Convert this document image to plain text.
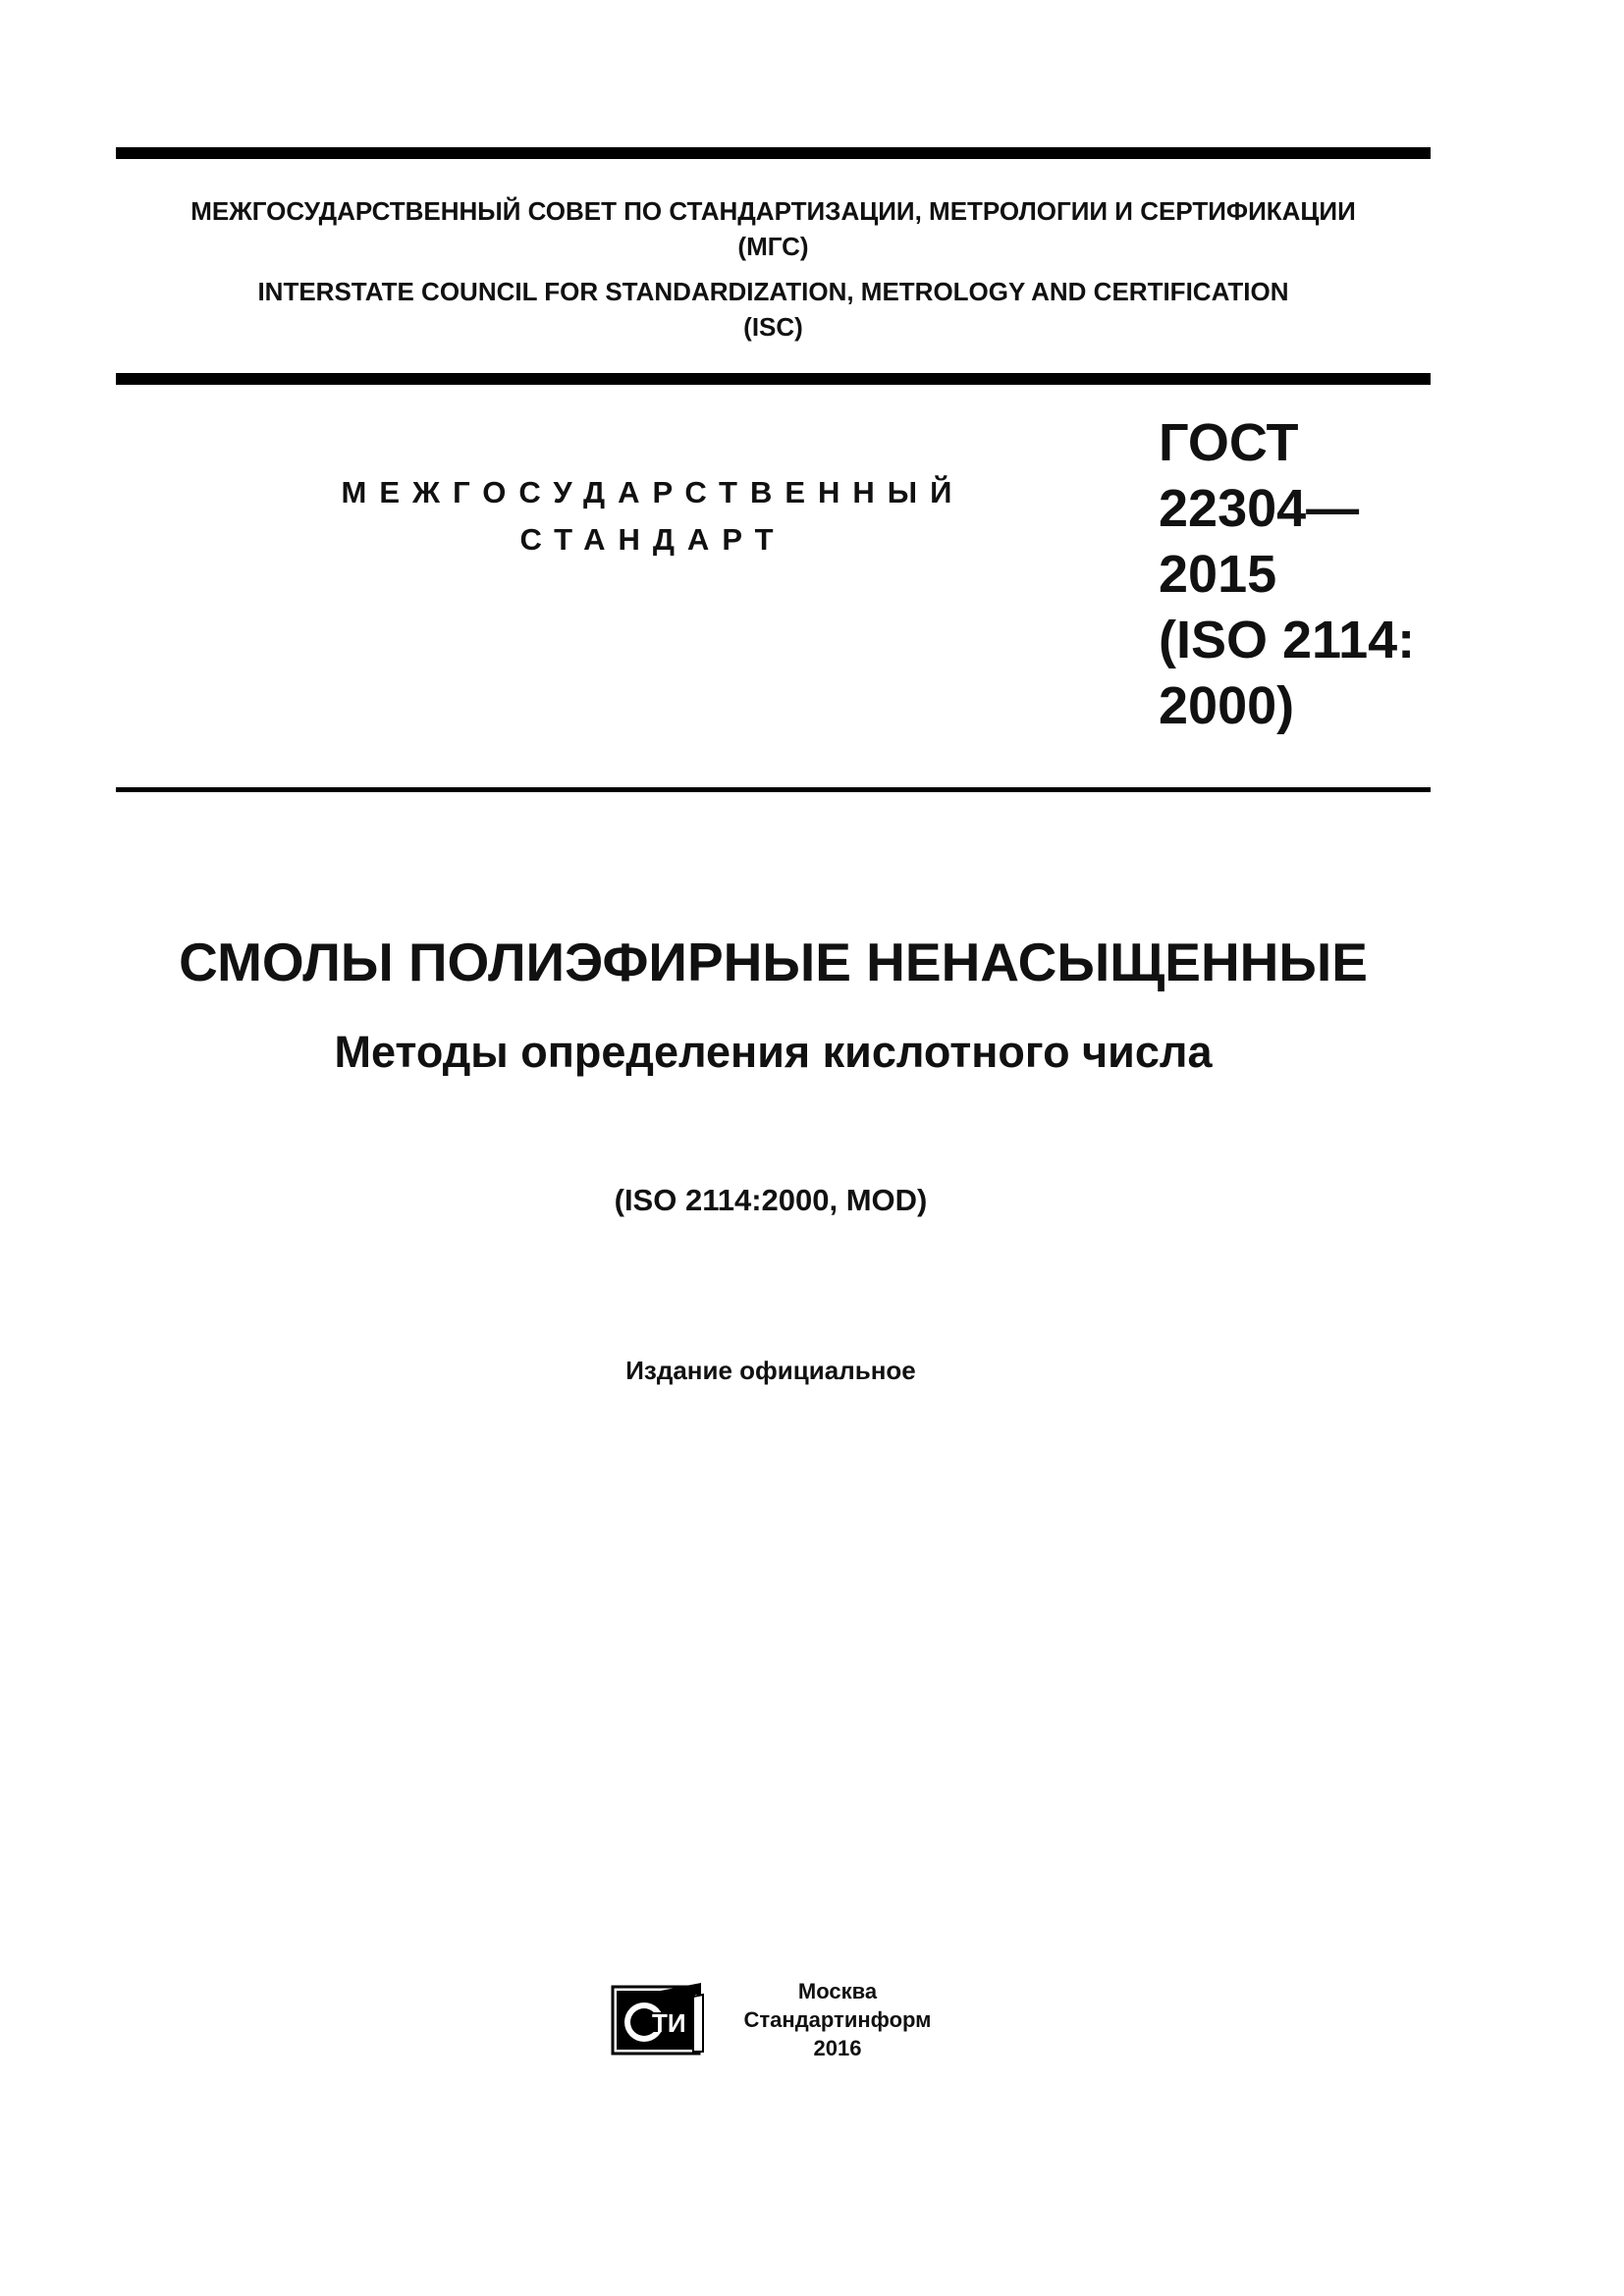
МЕЖГОСУДАРСТВЕННЫЙ СОВЕТ ПО СТАНДАРТИЗАЦИИ, МЕТРОЛОГИИ И СЕРТИФИКАЦИИ
(МГС)
INTERSTATE COUNCIL FOR STANDARDIZATION, METROLOGY AND CERTIFICATION
(ISC)
МЕЖГОСУДАРСТВЕННЫЙ
СТАНДАРТ
ГОСТ
22304—
2015
(ISO 2114:
2000)
СМОЛЫ ПОЛИЭФИРНЫЕ НЕНАСЫЩЕННЫЕ
Методы определения кислотного числа
(ISO 2114:2000, MOD)
Издание официальное
TИ
Москва
Стандартинформ
2016
